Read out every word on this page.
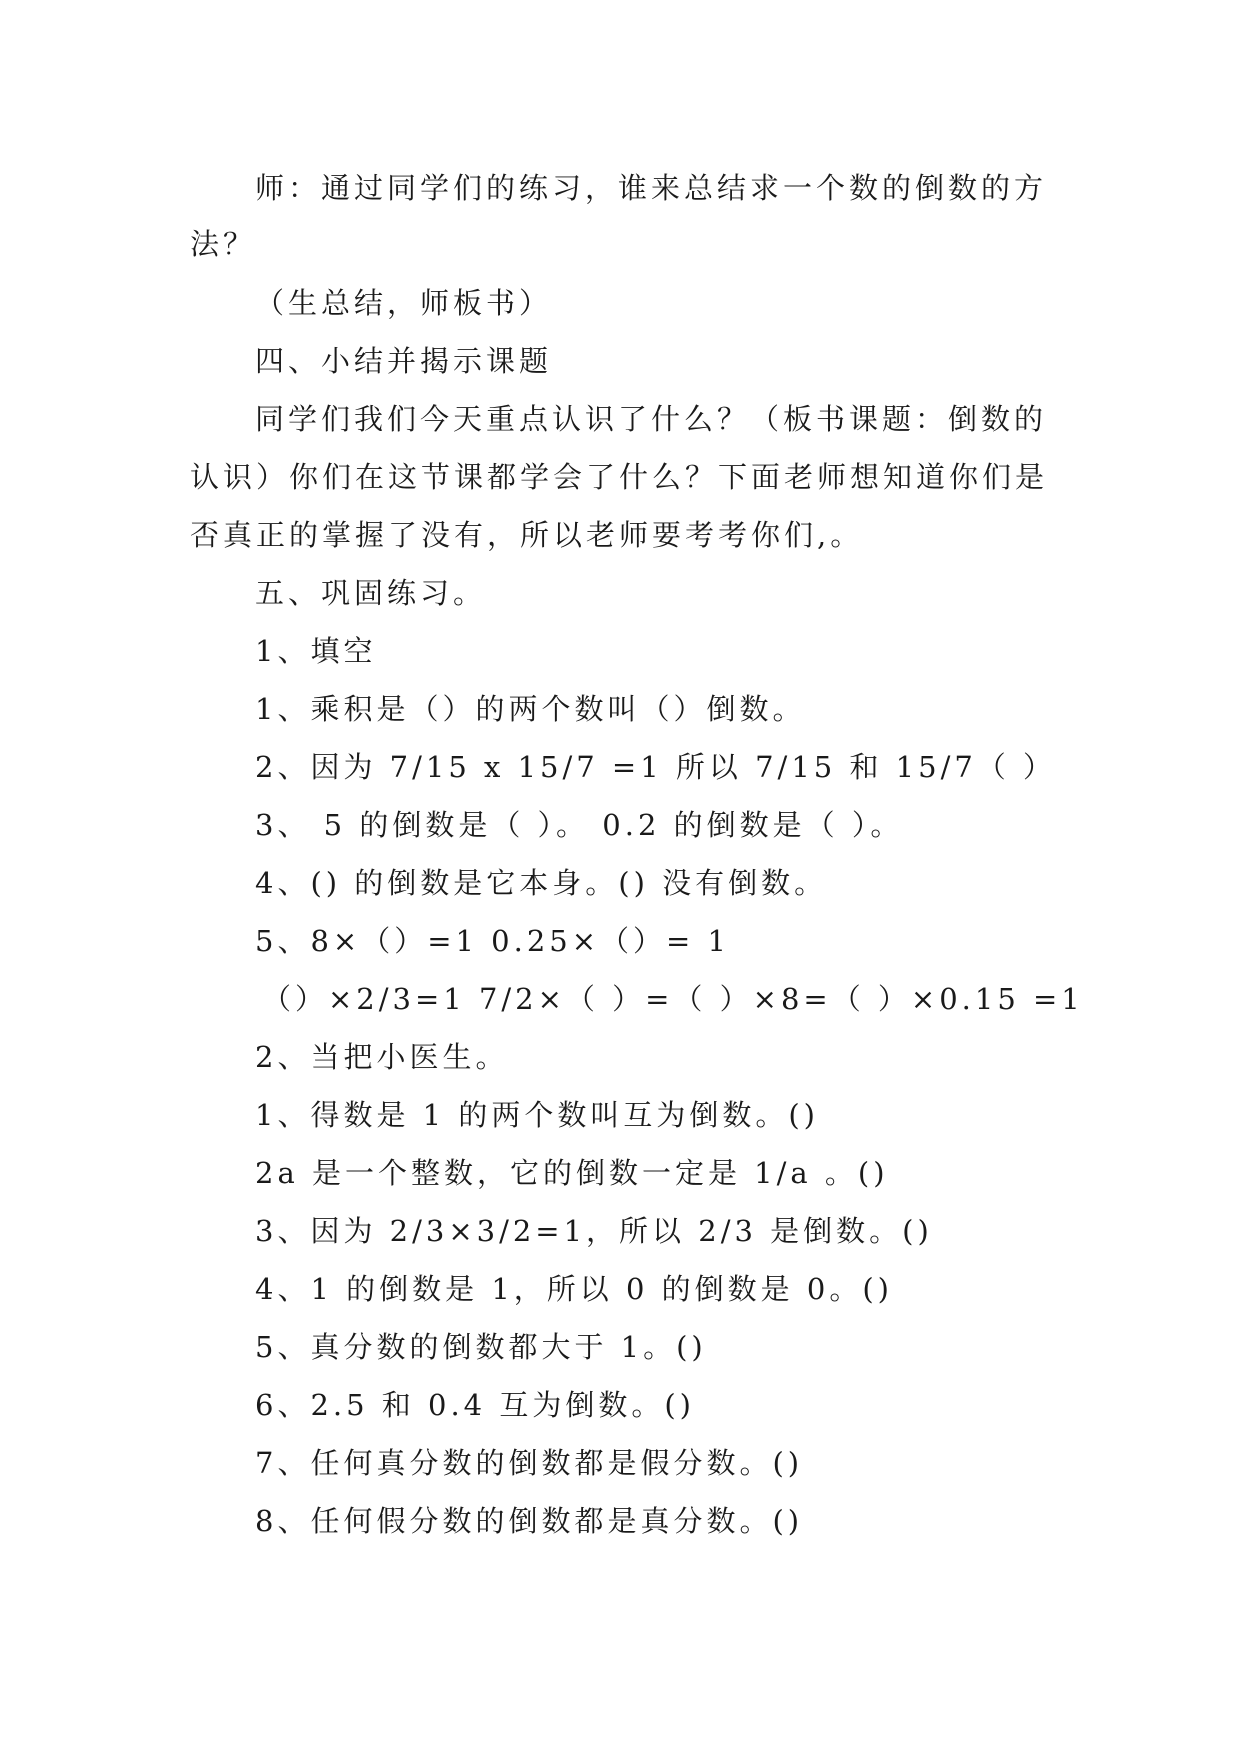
师：通过同学们的练习，谁来总结求一个数的倒数的方
法？
（生总结，师板书）
四、小结并揭示课题
同学们我们今天重点认识了什么？（板书课题：倒数的
认识）你们在这节课都学会了什么？下面老师想知道你们是
否真正的掌握了没有，所以老师要考考你们,。
五、巩固练习。
1、填空
1、乘积是（）的两个数叫（）倒数。
2、因为 7/15 x 15/7 =1 所以 7/15 和 15/7（ ）
3、 5 的倒数是（ ）。 0.2 的倒数是（ ）。
4、() 的倒数是它本身。() 没有倒数。
5、8×（）=1 0.25×（）= 1
（）×2/3=1 7/2×（ ）=（ ）×8=（ ）×0.15 =1
2、当把小医生。
1、得数是 1 的两个数叫互为倒数。()
2a 是一个整数，它的倒数一定是 1/a 。()
3、因为 2/3×3/2=1，所以 2/3 是倒数。()
4、1 的倒数是 1，所以 0 的倒数是 0。()
5、真分数的倒数都大于 1。()
6、2.5 和 0.4 互为倒数。()
7、任何真分数的倒数都是假分数。()
8、任何假分数的倒数都是真分数。()
